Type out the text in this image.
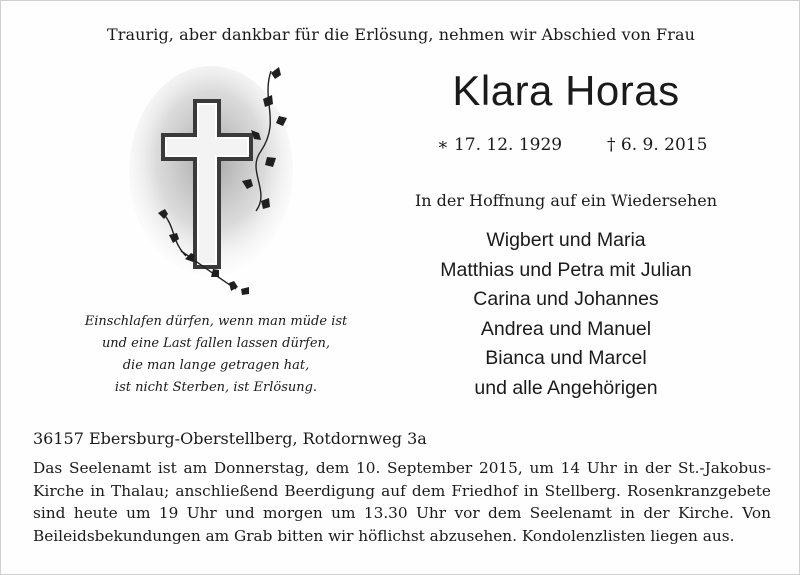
Traurig, aber dankbar für die Erlösung, nehmen wir Abschied von Frau
Klara Horas
∗ 17. 12. 1929	† 6. 9. 2015
In der Hoffnung auf ein Wiedersehen
Wigbert und Maria
Matthias und Petra mit Julian
Carina und Johannes
Andrea und Manuel
Bianca und Marcel
und alle Angehörigen
Einschlafen dürfen, wenn man müde ist
und eine Last fallen lassen dürfen,
die man lange getragen hat,
ist nicht Sterben, ist Erlösung.
36157 Ebersburg-Oberstellberg, Rotdornweg 3a
Das Seelenamt ist am Donnerstag, dem 10. September 2015, um 14 Uhr in der St.-Jakobus-Kirche in Thalau; anschließend Beerdigung auf dem Friedhof in Stellberg. Rosenkranzgebete sind heute um 19 Uhr und morgen um 13.30 Uhr vor dem Seelenamt in der Kirche. Von Beileidsbekundungen am Grab bitten wir höflichst abzusehen. Kondolenzlisten liegen aus.
